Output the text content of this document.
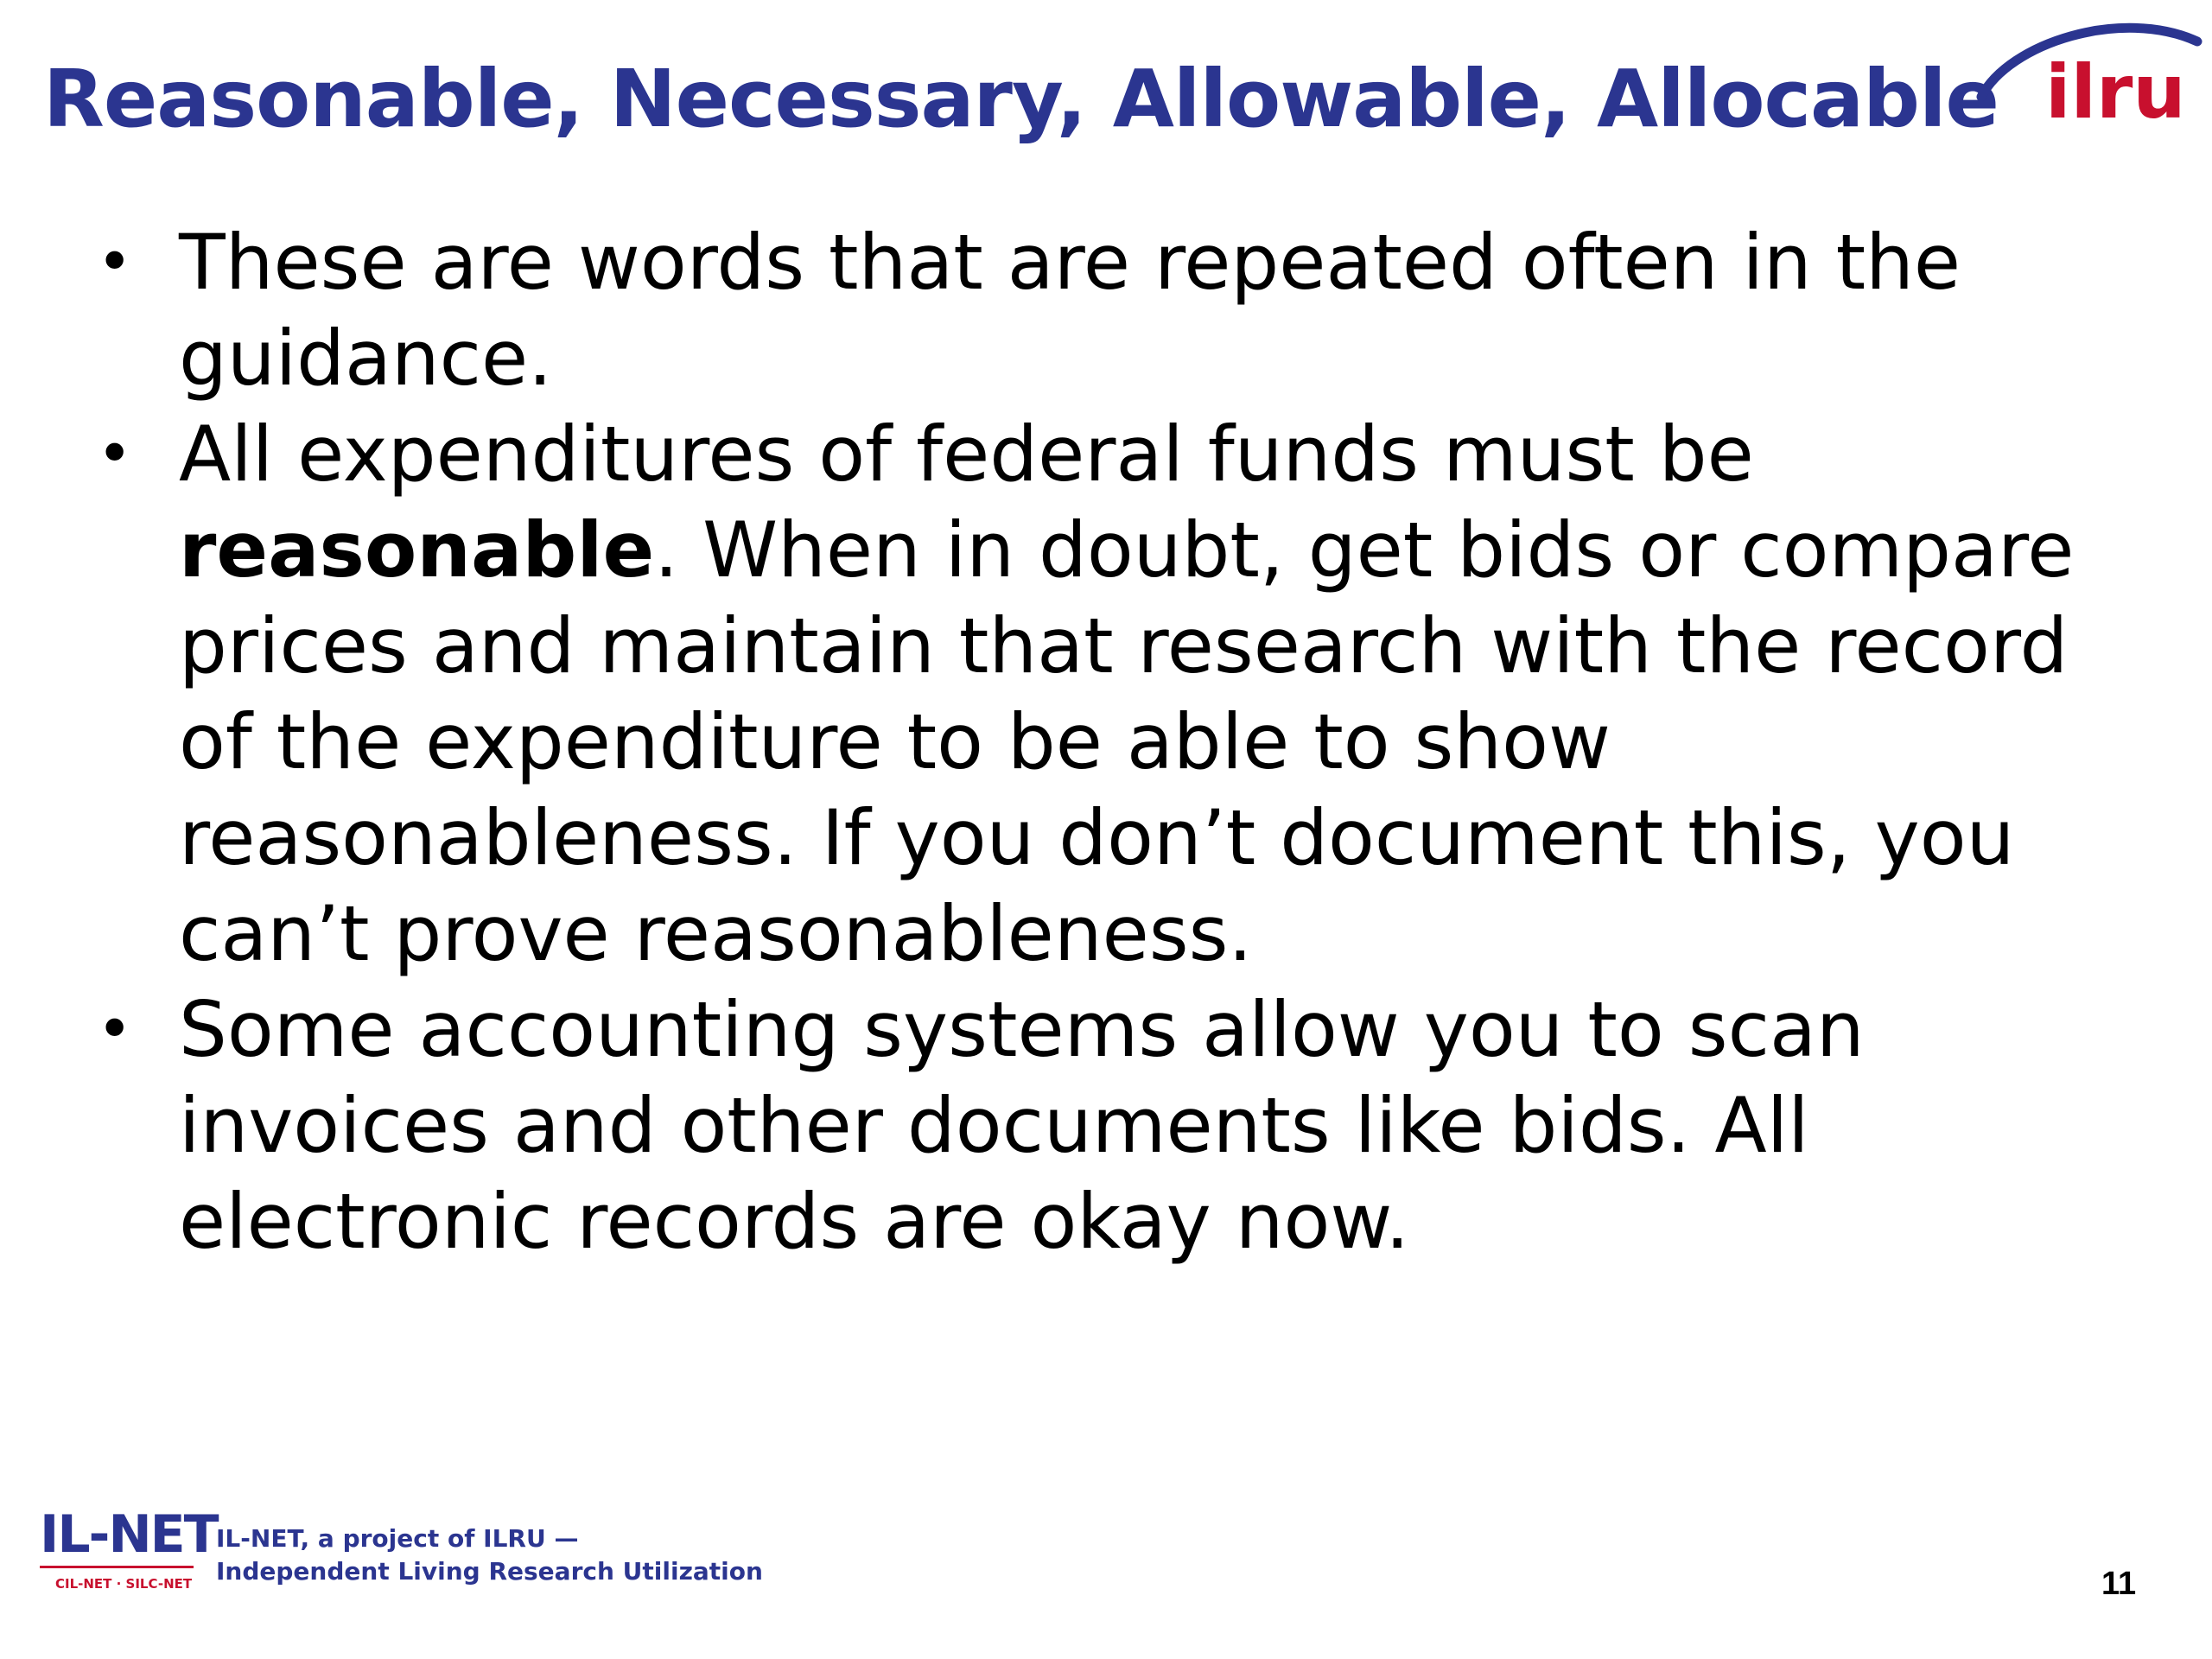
Reasonable, Necessary, Allowable, Allocable ilru
• These are words that are repeated often in the guidance.
• All expenditures of federal funds must be reasonable. When in doubt, get bids or compare prices and maintain that research with the record of the expenditure to be able to show reasonableness. If you don’t document this, you can’t prove reasonableness.
• Some accounting systems allow you to scan invoices and other documents like bids. All electronic records are okay now.
IL-NET
CIL-NET · SILC-NET
IL-NET, a project of ILRU —
Independent Living Research Utilization	11
